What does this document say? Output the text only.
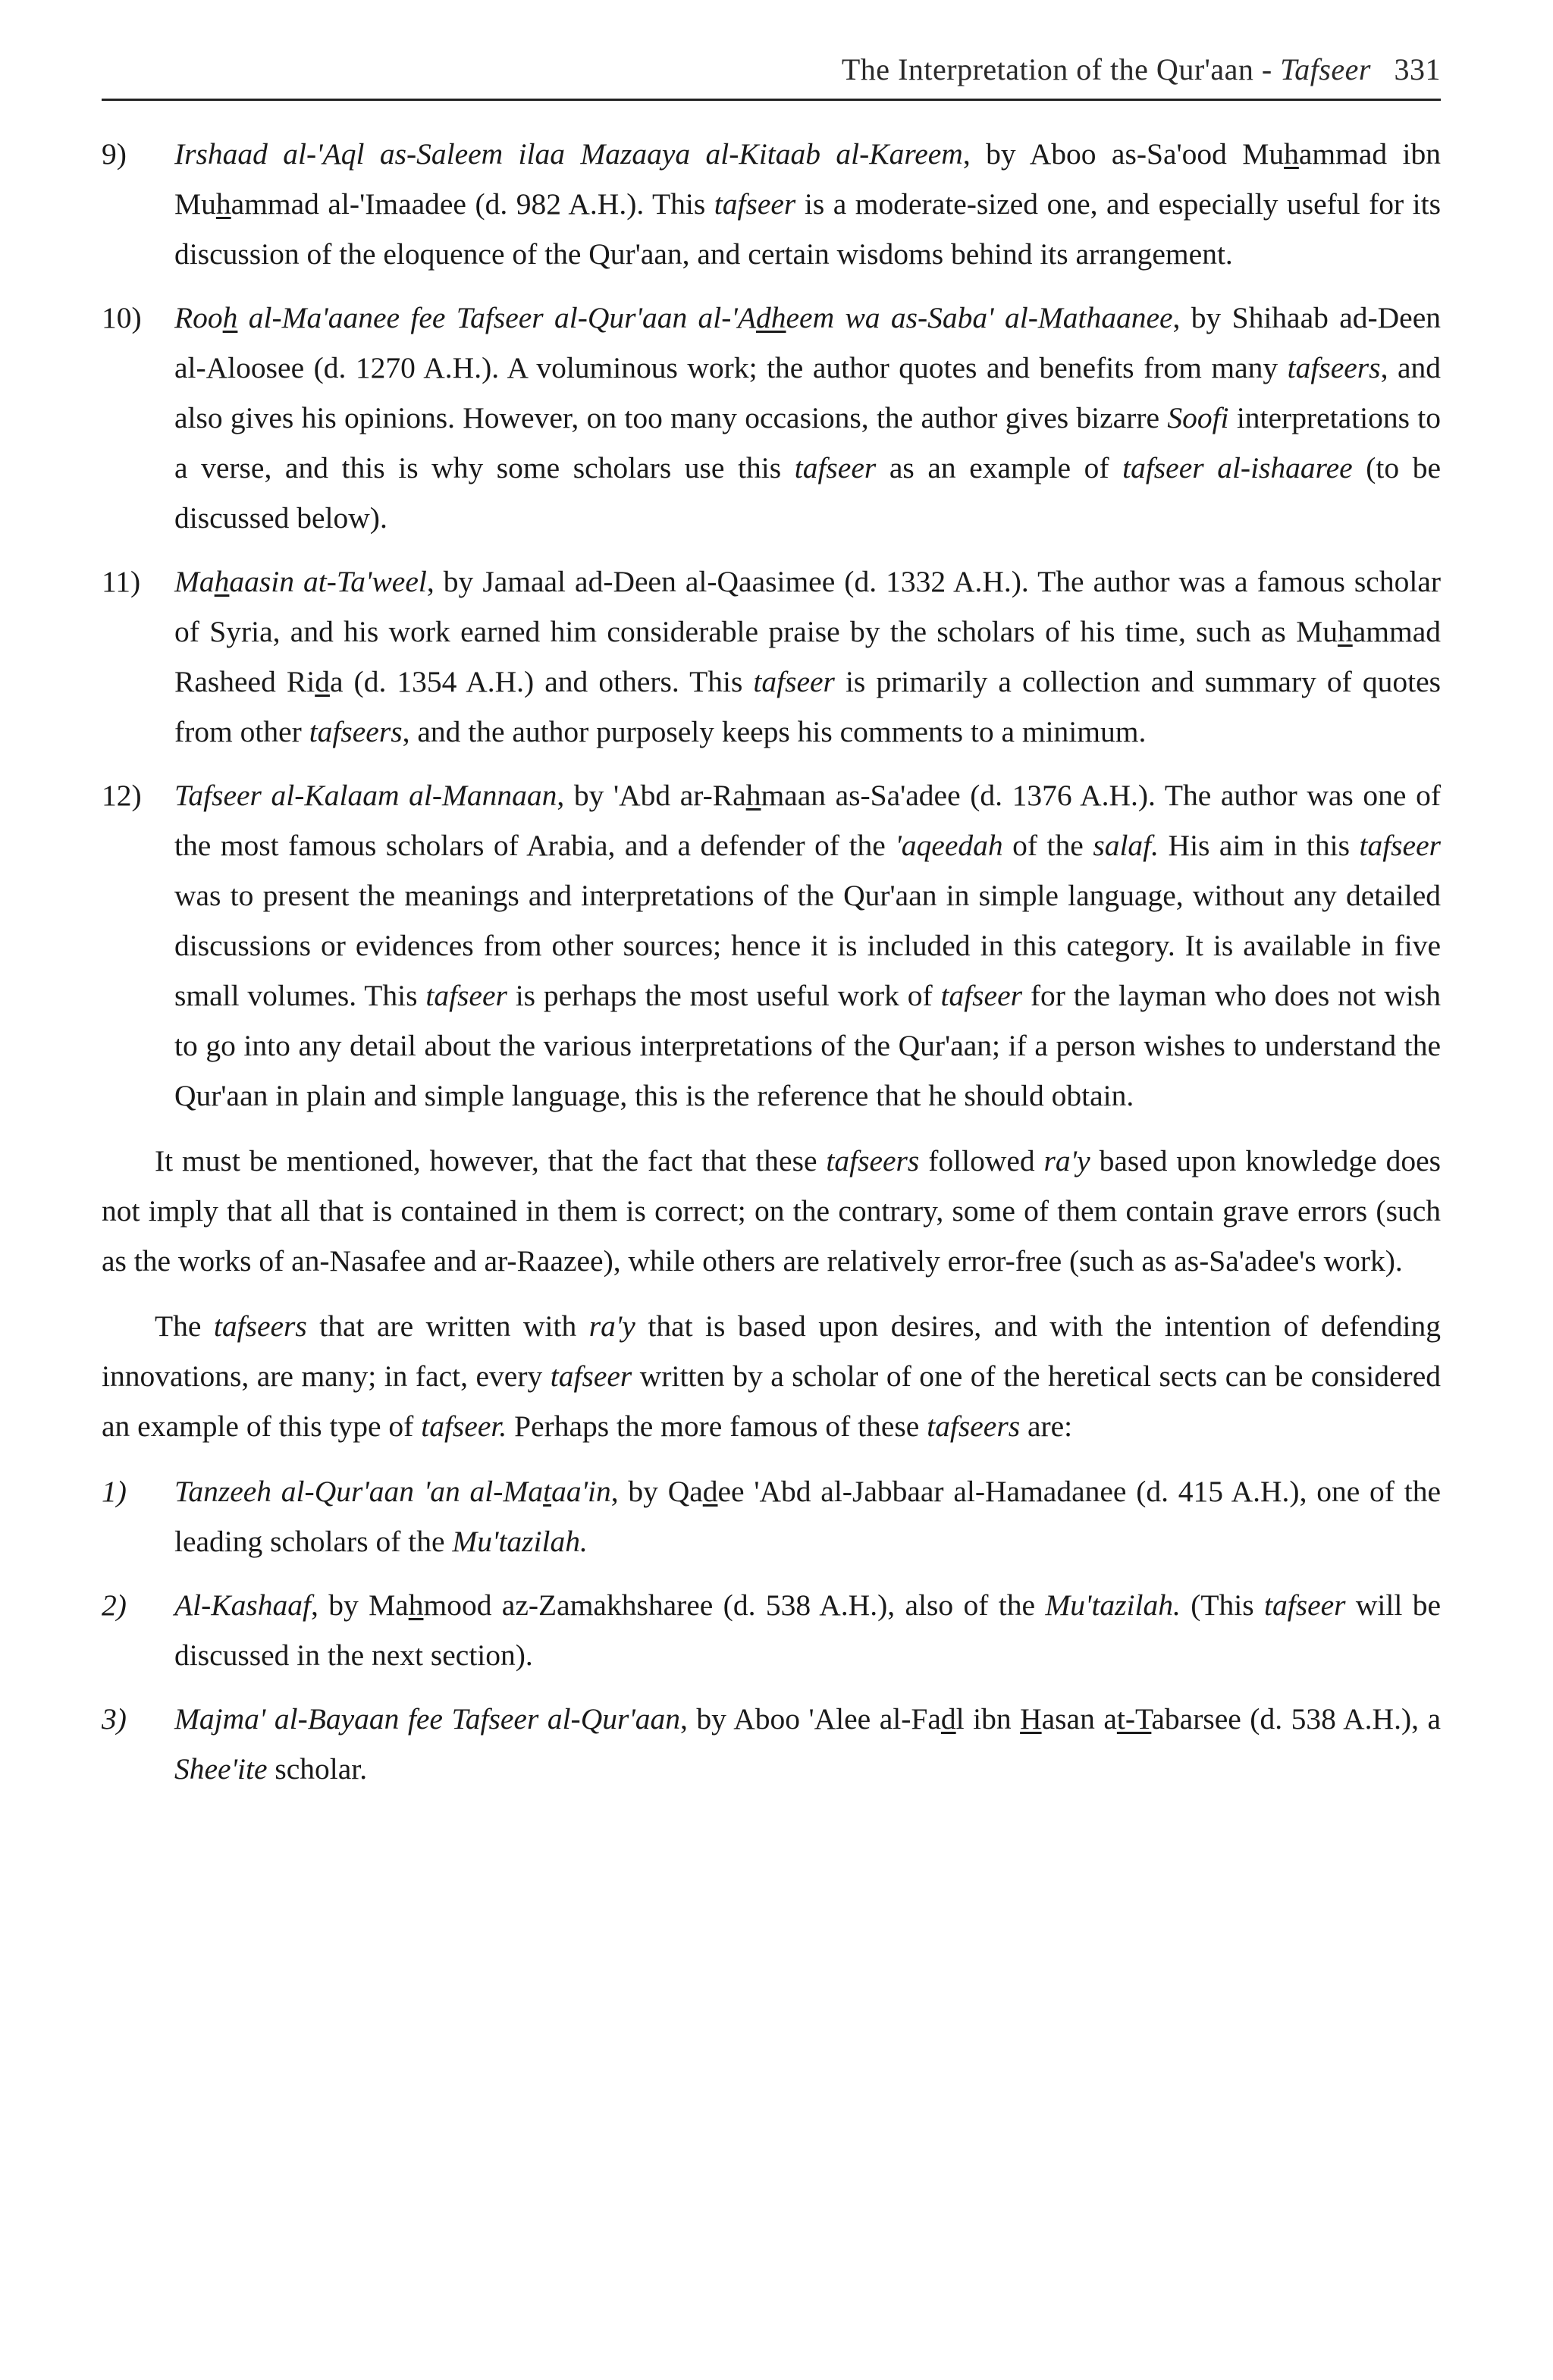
The Interpretation of the Qur'aan - Tafseer 331
9)	Irshaad al-'Aql as-Saleem ilaa Mazaaya al-Kitaab al-Kareem, by Aboo as-Sa'ood Muhammad ibn Muhammad al-'Imaadee (d. 982 A.H.). This tafseer is a moderate-sized one, and especially useful for its discussion of the eloquence of the Qur'aan, and certain wisdoms behind its arrangement.
10)	Rooh al-Ma'aanee fee Tafseer al-Qur'aan al-'Adheem wa as-Saba' al-Mathaanee, by Shihaab ad-Deen al-Aloosee (d. 1270 A.H.). A voluminous work; the author quotes and benefits from many tafseers, and also gives his opinions. However, on too many occasions, the author gives bizarre Soofi interpretations to a verse, and this is why some scholars use this tafseer as an example of tafseer al-ishaaree (to be discussed below).
11)	Mahaasin at-Ta'weel, by Jamaal ad-Deen al-Qaasimee (d. 1332 A.H.). The author was a famous scholar of Syria, and his work earned him considerable praise by the scholars of his time, such as Muhammad Rasheed Rida (d. 1354 A.H.) and others. This tafseer is primarily a collection and summary of quotes from other tafseers, and the author purposely keeps his comments to a minimum.
12)	Tafseer al-Kalaam al-Mannaan, by 'Abd ar-Rahmaan as-Sa'adee (d. 1376 A.H.). The author was one of the most famous scholars of Arabia, and a defender of the 'aqeedah of the salaf. His aim in this tafseer was to present the meanings and interpretations of the Qur'aan in simple language, without any detailed discussions or evidences from other sources; hence it is included in this category. It is available in five small volumes. This tafseer is perhaps the most useful work of tafseer for the layman who does not wish to go into any detail about the various interpretations of the Qur'aan; if a person wishes to understand the Qur'aan in plain and simple language, this is the reference that he should obtain.

It must be mentioned, however, that the fact that these tafseers followed ra'y based upon knowledge does not imply that all that is contained in them is correct; on the contrary, some of them contain grave errors (such as the works of an-Nasafee and ar-Raazee), while others are relatively error-free (such as as-Sa'adee's work).

The tafseers that are written with ra'y that is based upon desires, and with the intention of defending innovations, are many; in fact, every tafseer written by a scholar of one of the heretical sects can be considered an example of this type of tafseer. Perhaps the more famous of these tafseers are:

1)	Tanzeeh al-Qur'aan 'an al-Mataa'in, by Qadee 'Abd al-Jabbaar al-Hamadanee (d. 415 A.H.), one of the leading scholars of the Mu'tazilah.
2)	Al-Kashaaf, by Mahmood az-Zamakhsharee (d. 538 A.H.), also of the Mu'tazilah. (This tafseer will be discussed in the next section).
3)	Majma' al-Bayaan fee Tafseer al-Qur'aan, by Aboo 'Alee al-Fadl ibn Hasan at-Tabarsee (d. 538 A.H.), a Shee'ite scholar.
